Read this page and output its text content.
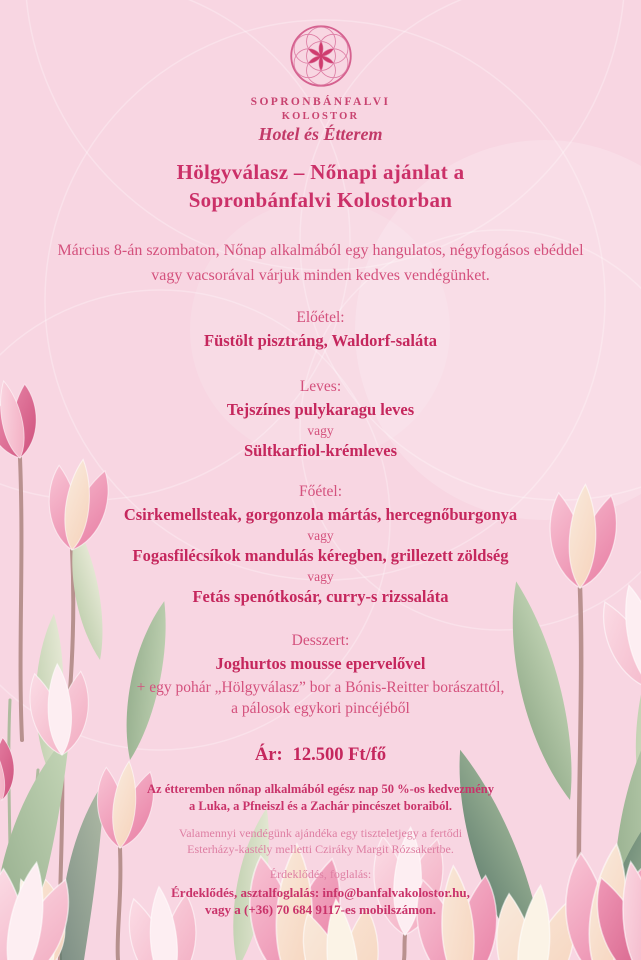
SOPRONBÁNFALVI
KOLOSTOR
Hotel és Étterem
Hölgyválasz – Nőnapi ajánlat a
Sopronbánfalvi Kolostorban

Március 8-án szombaton, Nőnap alkalmából egy hangulatos, négyfogásos ebéddel
vagy vacsorával várjuk minden kedves vendégünket.

Előétel:
Füstölt pisztráng, Waldorf-saláta
Leves:
Tejszínes pulykaragu leves
vagy
Sültkarfiol-krémleves
Főétel:
Csirkemellsteak, gorgonzola mártás, hercegnőburgonya
vagy
Fogasfilécsíkok mandulás kéregben, grillezett zöldség
vagy
Fetás spenótkosár, curry-s rizssaláta
Desszert:
Joghurtos mousse epervelővel
+ egy pohár „Hölgyválasz” bor a Bónis-Reitter borászattól,
a pálosok egykori pincéjéből
Ár: 12.500 Ft/fő
Az étteremben nőnap alkalmából egész nap 50 %-os kedvezmény
a Luka, a Pfneiszl és a Zachár pincészet boraiból.
Valamennyi vendégünk ajándéka egy tiszteletjegy a fertődi
Esterházy-kastély melletti Cziráky Margit Rózsakertbe.
Érdeklődés, foglalás:
Érdeklődés, asztalfoglalás: info@banfalvakolostor.hu,
vagy a (+36) 70 684 9117-es mobilszámon.
